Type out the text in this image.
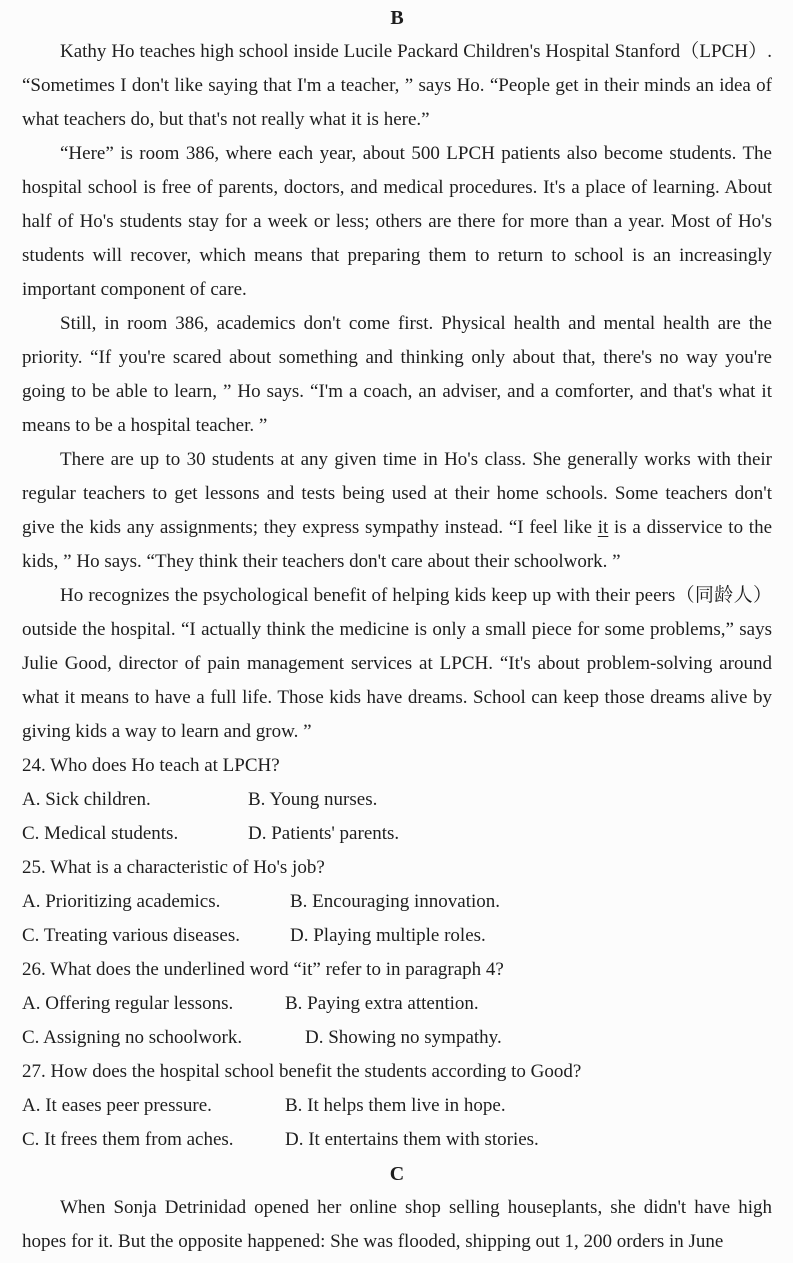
B

Kathy Ho teaches high school inside Lucile Packard Children's Hospital Stanford（LPCH）. “Sometimes I don't like saying that I'm a teacher, ” says Ho. “People get in their minds an idea of what teachers do, but that's not really what it is here.”

“Here” is room 386, where each year, about 500 LPCH patients also become students. The hospital school is free of parents, doctors, and medical procedures. It's a place of learning. About half of Ho's students stay for a week or less; others are there for more than a year. Most of Ho's students will recover, which means that preparing them to return to school is an increasingly important component of care.

Still, in room 386, academics don't come first. Physical health and mental health are the priority. “If you're scared about something and thinking only about that, there's no way you're going to be able to learn, ” Ho says. “I'm a coach, an adviser, and a comforter, and that's what it means to be a hospital teacher. ”

There are up to 30 students at any given time in Ho's class. She generally works with their regular teachers to get lessons and tests being used at their home schools. Some teachers don't give the kids any assignments; they express sympathy instead. “I feel like it is a disservice to the kids, ” Ho says. “They think their teachers don't care about their schoolwork. ”

Ho recognizes the psychological benefit of helping kids keep up with their peers（同龄人）outside the hospital. “I actually think the medicine is only a small piece for some problems,” says Julie Good, director of pain management services at LPCH. “It's about problem-solving around what it means to have a full life. Those kids have dreams. School can keep those dreams alive by giving kids a way to learn and grow. ”

24. Who does Ho teach at LPCH?

A. Sick children.	B. Young nurses.

C. Medical students.	D. Patients' parents.

25. What is a characteristic of Ho's job?

A. Prioritizing academics.	B. Encouraging innovation.

C. Treating various diseases.	D. Playing multiple roles.

26. What does the underlined word “it” refer to in paragraph 4?

A. Offering regular lessons.	B. Paying extra attention.

C. Assigning no schoolwork.	D. Showing no sympathy.

27. How does the hospital school benefit the students according to Good?

A. It eases peer pressure.	B. It helps them live in hope.

C. It frees them from aches.	D. It entertains them with stories.

C

When Sonja Detrinidad opened her online shop selling houseplants, she didn't have high hopes for it. But the opposite happened: She was flooded, shipping out 1, 200 orders in June
